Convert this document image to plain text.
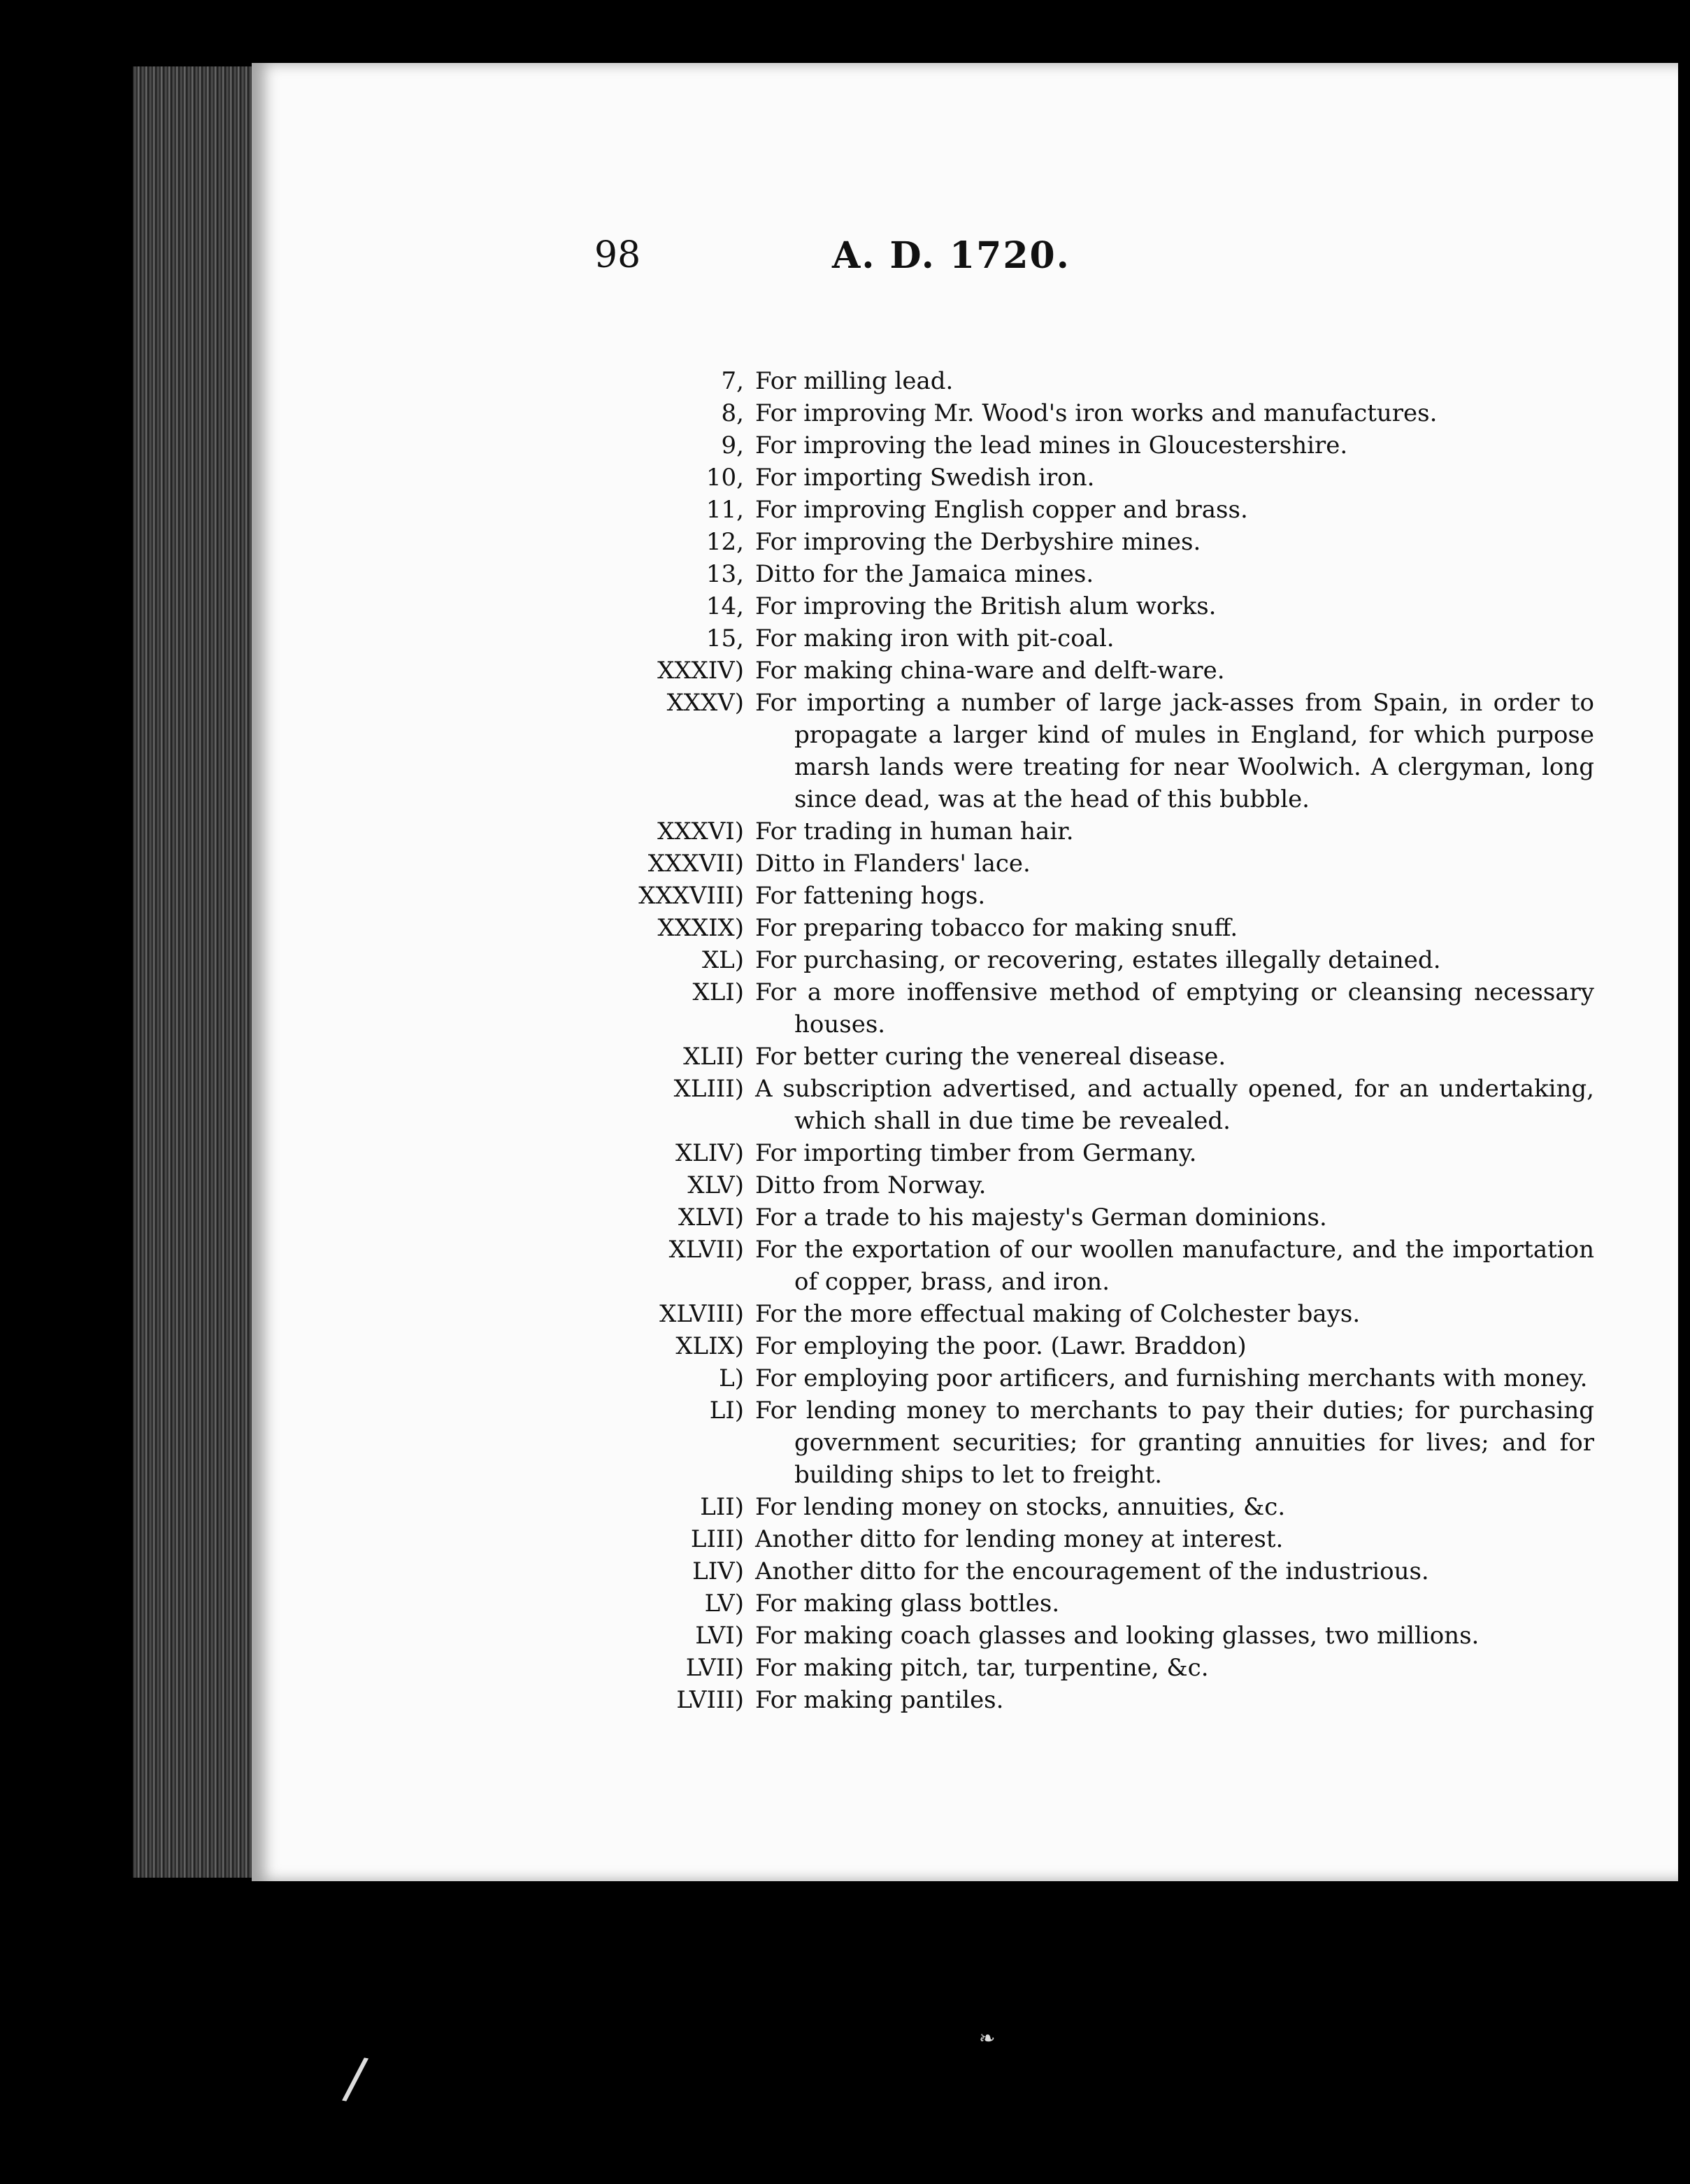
98	A. D. 1720.
7, For milling lead.
8, For improving Mr. Wood's iron works and manufactures.
9, For improving the lead mines in Gloucestershire.
10, For importing Swedish iron.
11, For improving English copper and brass.
12, For improving the Derbyshire mines.
13, Ditto for the Jamaica mines.
14, For improving the British alum works.
15, For making iron with pit-coal.
XXXIV) For making china-ware and delft-ware.
XXXV) For importing a number of large jack-asses from Spain, in order to propagate a larger kind of mules in England, for which purpose marsh lands were treating for near Woolwich. A clergyman, long since dead, was at the head of this bubble.
XXXVI) For trading in human hair.
XXXVII) Ditto in Flanders' lace.
XXXVIII) For fattening hogs.
XXXIX) For preparing tobacco for making snuff.
XL) For purchasing, or recovering, estates illegally detained.
XLI) For a more inoffensive method of emptying or cleansing necessary houses.
XLII) For better curing the venereal disease.
XLIII) A subscription advertised, and actually opened, for an undertaking, which shall in due time be revealed.
XLIV) For importing timber from Germany.
XLV) Ditto from Norway.
XLVI) For a trade to his majesty's German dominions.
XLVII) For the exportation of our woollen manufacture, and the importation of copper, brass, and iron.
XLVIII) For the more effectual making of Colchester bays.
XLIX) For employing the poor. (Lawr. Braddon)
L) For employing poor artificers, and furnishing merchants with money.
LI) For lending money to merchants to pay their duties; for purchasing government securities; for granting annuities for lives; and for building ships to let to freight.
LII) For lending money on stocks, annuities, &c.
LIII) Another ditto for lending money at interest.
LIV) Another ditto for the encouragement of the industrious.
LV) For making glass bottles.
LVI) For making coach glasses and looking glasses, two millions.
LVII) For making pitch, tar, turpentine, &c.
LVIII) For making pantiles.
❧
/
